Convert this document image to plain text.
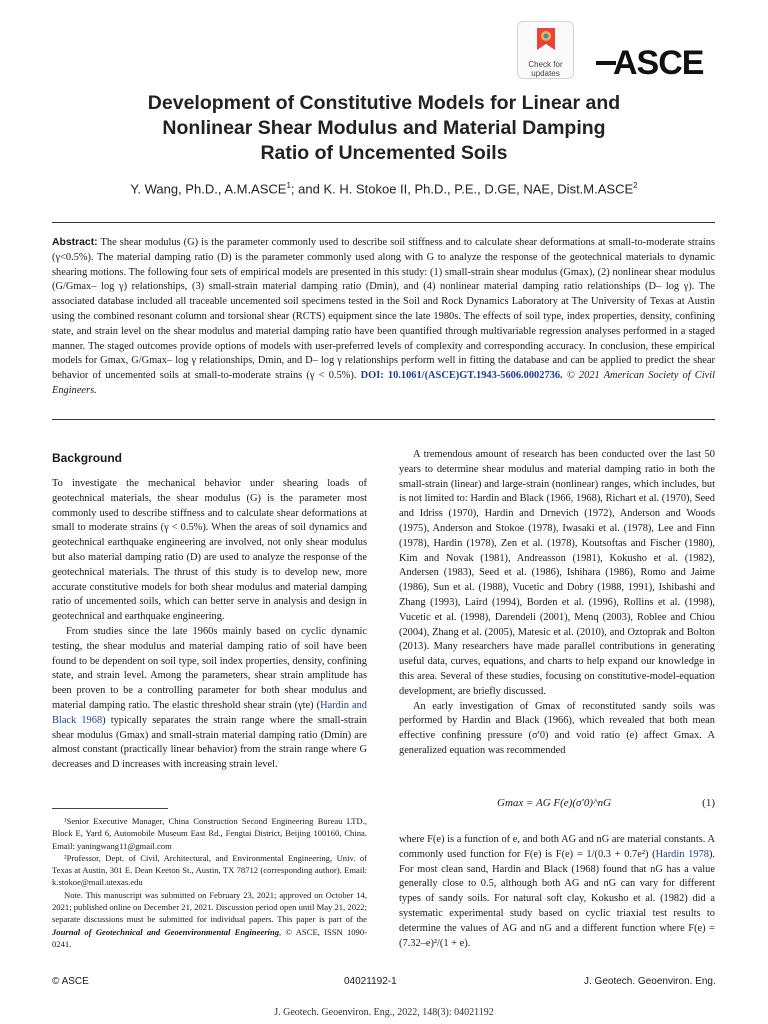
Check for
updates	ASCE
Development of Constitutive Models for Linear and
Nonlinear Shear Modulus and Material Damping
Ratio of Uncemented Soils
Y. Wang, Ph.D., A.M.ASCE$^1$; and K. H. Stokoe II, Ph.D., P.E., D.GE, NAE, Dist.M.ASCE$^2$
Abstract: The shear modulus (G) is the parameter commonly used to describe soil stiffness and to calculate shear deformations at small-to-moderate strains (γ<0.5%). The material damping ratio (D) is the parameter commonly used along with G to analyze the response of the geotechnical materials to dynamic shearing motions. The following four sets of empirical models are presented in this study: (1) small-strain shear modulus (Gmax), (2) nonlinear shear modulus (G/Gmax– log γ) relationships, (3) small-strain material damping ratio (Dmin), and (4) nonlinear material damping ratio relationships (D– log γ). The associated database included all traceable uncemented soil specimens tested in the Soil and Rock Dynamics Laboratory at The University of Texas at Austin using the combined resonant column and torsional shear (RCTS) equipment since the late 1980s. The effects of soil type, index properties, density, confining state, and strain level on the shear modulus and material damping ratio have been quantified through multivariable regression analyses performed in a staged manner. The staged outcomes provide options of models with user-preferred levels of complexity and corresponding accuracy. In conclusion, these empirical models for Gmax, G/Gmax– log γ relationships, Dmin, and D– log γ relationships perform well in fitting the database and can be applied to predict the shear behavior of uncemented soils at small-to-moderate strains (γ < 0.5%). DOI: 10.1061/(ASCE)GT.1943-5606.0002736. © 2021 American Society of Civil Engineers.
Background

To investigate the mechanical behavior under shearing loads of geotechnical materials, the shear modulus (G) is the parameter most commonly used to describe stiffness and to calculate shear deformations at small to moderate strains (γ < 0.5%). When the areas of soil dynamics and geotechnical earthquake engineering are involved, not only shear modulus but also material damping ratio (D) are used to analyze the response of the geotechnical materials. The thrust of this study is to develop new, more accurate constitutive models for both shear modulus and material damping ratio of uncemented soils, which can better serve in analysis and design in geotechnical and earthquake engineering.

From studies since the late 1960s mainly based on cyclic dynamic testing, the shear modulus and material damping ratio of soil have been found to be dependent on soil type, soil index properties, density, confining state, and strain level. Among the parameters, shear strain amplitude has been proven to be a controlling parameter for both shear modulus and material damping ratio. The elastic threshold shear strain (γte) (Hardin and Black 1968) typically separates the strain range where the small-strain shear modulus (Gmax) and small-strain material damping ratio (Dmin) are almost constant (practically linear behavior) from the strain range where G decreases and D increases with increasing strain level.

¹Senior Executive Manager, China Construction Second Engineering Bureau LTD., Block E, Yard 6, Automobile Museum East Rd., Fengtai District, Beijing 100160, China. Email: yaningwang11@gmail.com

²Professor, Dept. of Civil, Architectural, and Environmental Engineering, Univ. of Texas at Austin, 301 E. Dean Keeton St., Austin, TX 78712 (corresponding author). Email: k.stokoe@mail.utexas.edu

Note. This manuscript was submitted on February 23, 2021; approved on October 14, 2021; published online on December 21, 2021. Discussion period open until May 21, 2022; separate discussions must be submitted for individual papers. This paper is part of the Journal of Geotechnical and Geoenvironmental Engineering, © ASCE, ISSN 1090-0241.

A tremendous amount of research has been conducted over the last 50 years to determine shear modulus and material damping ratio in both the small-strain (linear) and large-strain (nonlinear) ranges, which includes, but is not limited to: Hardin and Black (1966, 1968), Richart et al. (1970), Seed and Idriss (1970), Hardin and Drnevich (1972), Anderson and Woods (1975), Anderson and Stokoe (1978), Iwasaki et al. (1978), Lee and Finn (1978), Hardin (1978), Zen et al. (1978), Koutsoftas and Fischer (1980), Kim and Novak (1981), Andreasson (1981), Kokusho et al. (1982), Andersen (1983), Seed et al. (1986), Ishihara (1986), Romo and Jaime (1986), Sun et al. (1988), Vucetic and Dobry (1988, 1991), Ishibashi and Zhang (1993), Laird (1994), Borden et al. (1996), Rollins et al. (1998), Vucetic et al. (1998), Darendeli (2001), Menq (2003), Roblee and Chiou (2004), Zhang et al. (2005), Matesic et al. (2010), and Oztoprak and Bolton (2013). Many researchers have made parallel contributions in generating useful data, curves, equations, and charts to help expand our knowledge in this area. Several of these studies, focusing on constitutive-model-equation development, are briefly discussed.

An early investigation of Gmax of reconstituted sandy soils was performed by Hardin and Black (1966), which revealed that both mean effective confining pressure (σ′0) and void ratio (e) affect Gmax. A generalized equation was recommended

Gmax = AG F(e)(σ′0)^nG	(1)

where F(e) is a function of e, and both AG and nG are material constants. A commonly used function for F(e) is F(e) = 1/(0.3 + 0.7e²) (Hardin 1978). For most clean sand, Hardin and Black (1968) found that nG has a value generally close to 0.5, although both AG and nG can vary for different types of sandy soils. For natural soft clay, Kokusho et al. (1982) did a systematic experimental study based on cyclic triaxial test results to determine the values of AG and nG and a different function where F(e) = (7.32–e)²/(1 + e).

© ASCE	04021192-1	J. Geotech. Geoenviron. Eng.
J. Geotech. Geoenviron. Eng., 2022, 148(3): 04021192
